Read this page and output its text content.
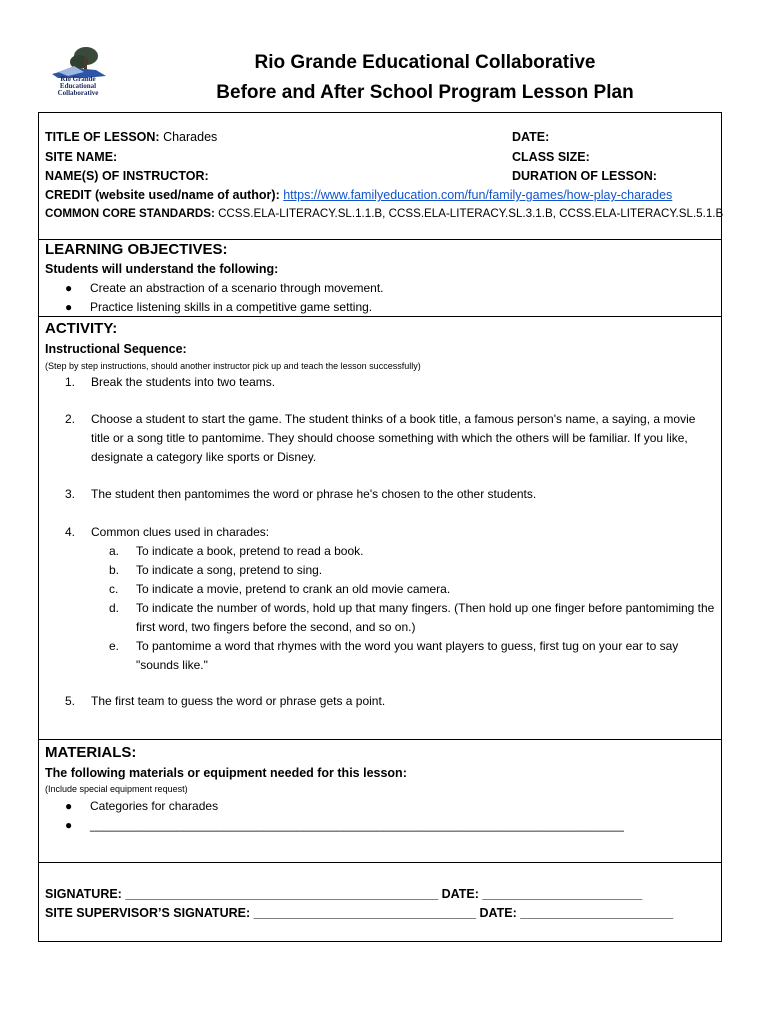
Rio Grande
Educational
Collaborative
Rio Grande Educational Collaborative
Before and After School Program Lesson Plan
TITLE OF LESSON: Charades	DATE:
SITE NAME:	CLASS SIZE:
NAME(S) OF INSTRUCTOR:	DURATION OF LESSON:
CREDIT (website used/name of author): https://www.familyeducation.com/fun/family-games/how-play-charades
COMMON CORE STANDARDS: CCSS.ELA-LITERACY.SL.1.1.B, CCSS.ELA-LITERACY.SL.3.1.B, CCSS.ELA-LITERACY.SL.5.1.B
LEARNING OBJECTIVES:
Students will understand the following:
● Create an abstraction of a scenario through movement.
● Practice listening skills in a competitive game setting.
ACTIVITY:
Instructional Sequence:
(Step by step instructions, should another instructor pick up and teach the lesson successfully)
1. Break the students into two teams.
2. Choose a student to start the game. The student thinks of a book title, a famous person's name, a saying, a movie title or a song title to pantomime. They should choose something with which the others will be familiar. If you like, designate a category like sports or Disney.
3. The student then pantomimes the word or phrase he's chosen to the other students.
4. Common clues used in charades:
a. To indicate a book, pretend to read a book.
b. To indicate a song, pretend to sing.
c. To indicate a movie, pretend to crank an old movie camera.
d. To indicate the number of words, hold up that many fingers. (Then hold up one finger before pantomiming the first word, two fingers before the second, and so on.)
e. To pantomime a word that rhymes with the word you want players to guess, first tug on your ear to say "sounds like."
5. The first team to guess the word or phrase gets a point.
MATERIALS:
The following materials or equipment needed for this lesson:
(Include special equipment request)
● Categories for charades
● ________________________________________________________________________________
SIGNATURE: _____________________________________________ DATE: _______________________
SITE SUPERVISOR’S SIGNATURE: ________________________________ DATE: ______________________
